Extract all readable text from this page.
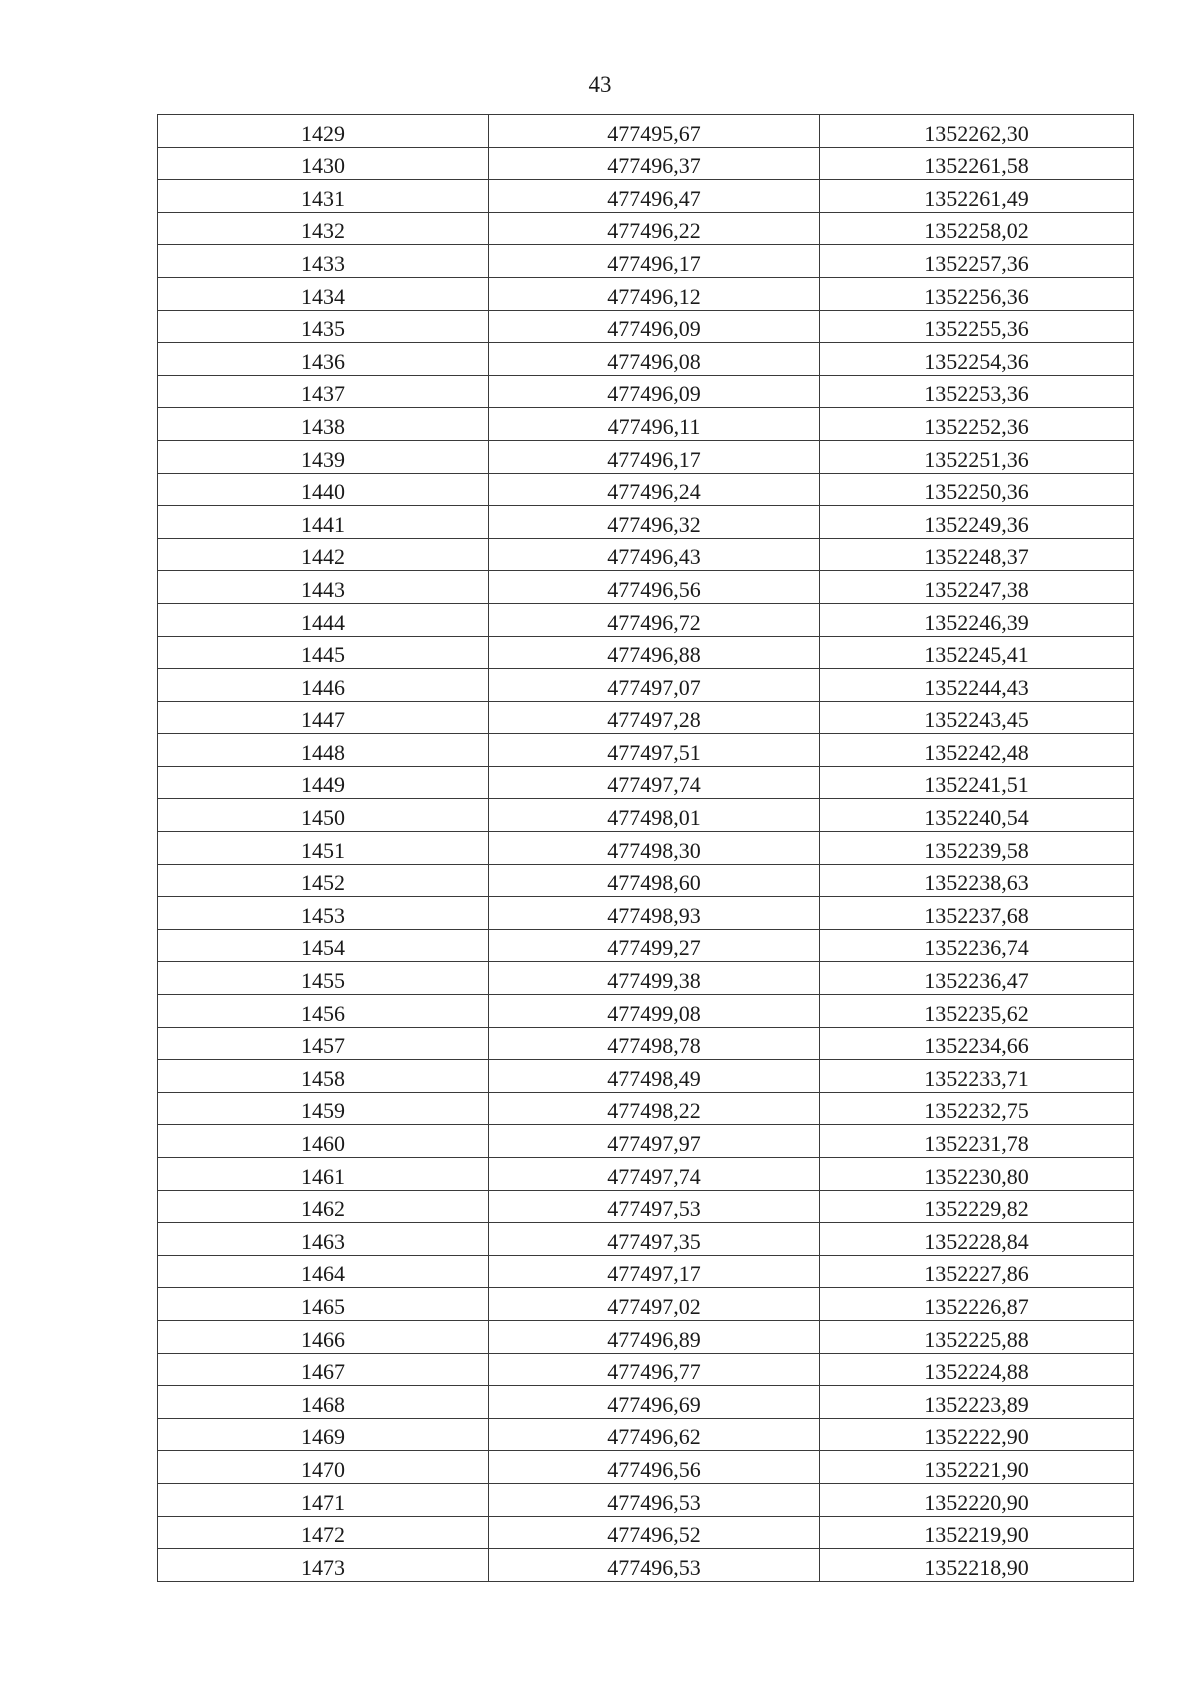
43
1429	477495,67	1352262,30
1430	477496,37	1352261,58
1431	477496,47	1352261,49
1432	477496,22	1352258,02
1433	477496,17	1352257,36
1434	477496,12	1352256,36
1435	477496,09	1352255,36
1436	477496,08	1352254,36
1437	477496,09	1352253,36
1438	477496,11	1352252,36
1439	477496,17	1352251,36
1440	477496,24	1352250,36
1441	477496,32	1352249,36
1442	477496,43	1352248,37
1443	477496,56	1352247,38
1444	477496,72	1352246,39
1445	477496,88	1352245,41
1446	477497,07	1352244,43
1447	477497,28	1352243,45
1448	477497,51	1352242,48
1449	477497,74	1352241,51
1450	477498,01	1352240,54
1451	477498,30	1352239,58
1452	477498,60	1352238,63
1453	477498,93	1352237,68
1454	477499,27	1352236,74
1455	477499,38	1352236,47
1456	477499,08	1352235,62
1457	477498,78	1352234,66
1458	477498,49	1352233,71
1459	477498,22	1352232,75
1460	477497,97	1352231,78
1461	477497,74	1352230,80
1462	477497,53	1352229,82
1463	477497,35	1352228,84
1464	477497,17	1352227,86
1465	477497,02	1352226,87
1466	477496,89	1352225,88
1467	477496,77	1352224,88
1468	477496,69	1352223,89
1469	477496,62	1352222,90
1470	477496,56	1352221,90
1471	477496,53	1352220,90
1472	477496,52	1352219,90
1473	477496,53	1352218,90
